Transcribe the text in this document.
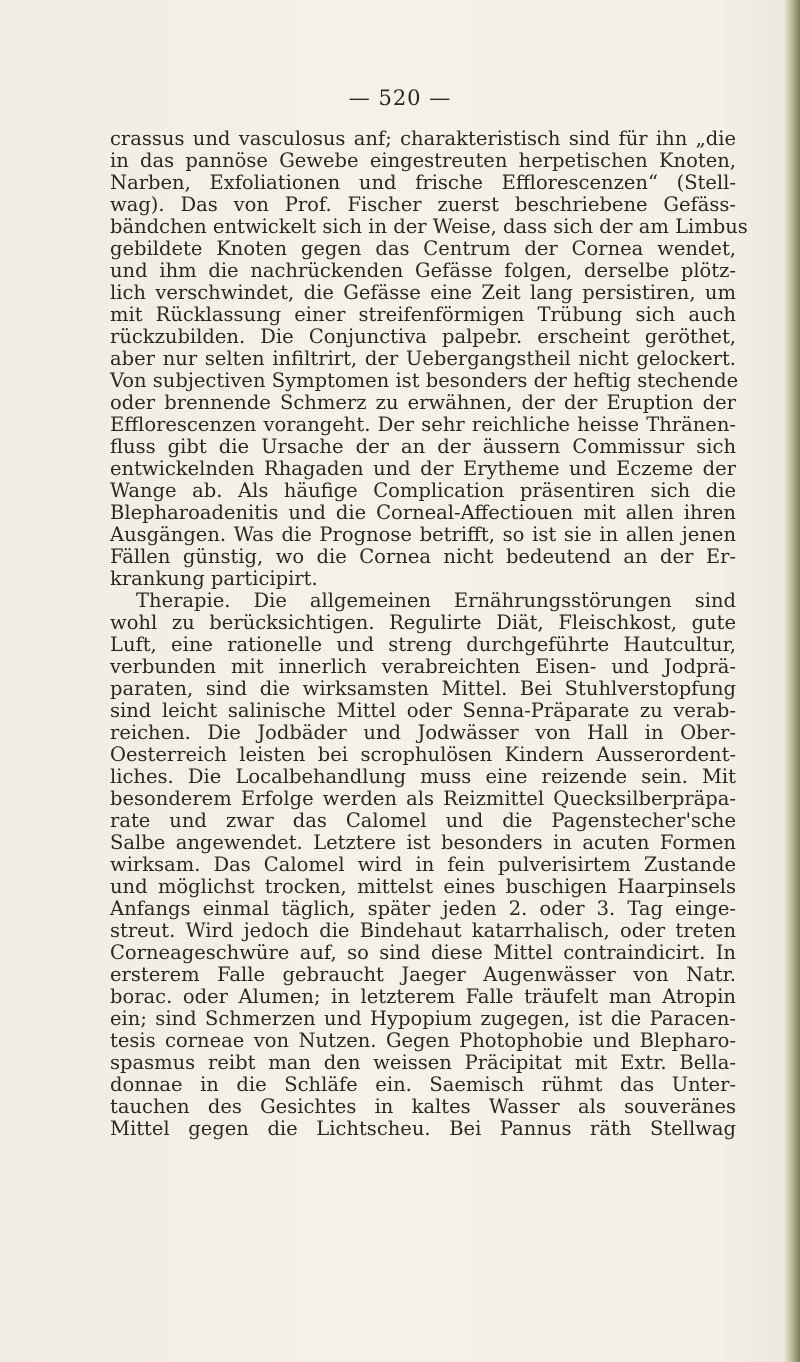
— 520 —
crassus und vasculosus anf; charakteristisch sind für ihn „die
in das pannöse Gewebe eingestreuten herpetischen Knoten,
Narben, Exfoliationen und frische Efflorescenzen“ (Stell-
wag). Das von Prof. Fischer zuerst beschriebene Gefäss-
bändchen entwickelt sich in der Weise, dass sich der am Limbus
gebildete Knoten gegen das Centrum der Cornea wendet,
und ihm die nachrückenden Gefässe folgen, derselbe plötz-
lich verschwindet, die Gefässe eine Zeit lang persistiren, um
mit Rücklassung einer streifenförmigen Trübung sich auch
rückzubilden. Die Conjunctiva palpebr. erscheint geröthet,
aber nur selten infiltrirt, der Uebergangstheil nicht gelockert.
Von subjectiven Symptomen ist besonders der heftig stechende
oder brennende Schmerz zu erwähnen, der der Eruption der
Efflorescenzen vorangeht. Der sehr reichliche heisse Thränen-
fluss gibt die Ursache der an der äussern Commissur sich
entwickelnden Rhagaden und der Erytheme und Eczeme der
Wange ab. Als häufige Complication präsentiren sich die
Blepharoadenitis und die Corneal-Affectiouen mit allen ihren
Ausgängen. Was die Prognose betrifft, so ist sie in allen jenen
Fällen günstig, wo die Cornea nicht bedeutend an der Er-
krankung participirt.
Therapie. Die allgemeinen Ernährungsstörungen sind
wohl zu berücksichtigen. Regulirte Diät, Fleischkost, gute
Luft, eine rationelle und streng durchgeführte Hautcultur,
verbunden mit innerlich verabreichten Eisen- und Jodprä-
paraten, sind die wirksamsten Mittel. Bei Stuhlverstopfung
sind leicht salinische Mittel oder Senna-Präparate zu verab-
reichen. Die Jodbäder und Jodwässer von Hall in Ober-
Oesterreich leisten bei scrophulösen Kindern Ausserordent-
liches. Die Localbehandlung muss eine reizende sein. Mit
besonderem Erfolge werden als Reizmittel Quecksilberpräpa-
rate und zwar das Calomel und die Pagenstecher'sche
Salbe angewendet. Letztere ist besonders in acuten Formen
wirksam. Das Calomel wird in fein pulverisirtem Zustande
und möglichst trocken, mittelst eines buschigen Haarpinsels
Anfangs einmal täglich, später jeden 2. oder 3. Tag einge-
streut. Wird jedoch die Bindehaut katarrhalisch, oder treten
Corneageschwüre auf, so sind diese Mittel contraindicirt. In
ersterem Falle gebraucht Jaeger Augenwässer von Natr.
borac. oder Alumen; in letzterem Falle träufelt man Atropin
ein; sind Schmerzen und Hypopium zugegen, ist die Paracen-
tesis corneae von Nutzen. Gegen Photophobie und Blepharo-
spasmus reibt man den weissen Präcipitat mit Extr. Bella-
donnae in die Schläfe ein. Saemisch rühmt das Unter-
tauchen des Gesichtes in kaltes Wasser als souveränes
Mittel gegen die Lichtscheu. Bei Pannus räth Stellwag
